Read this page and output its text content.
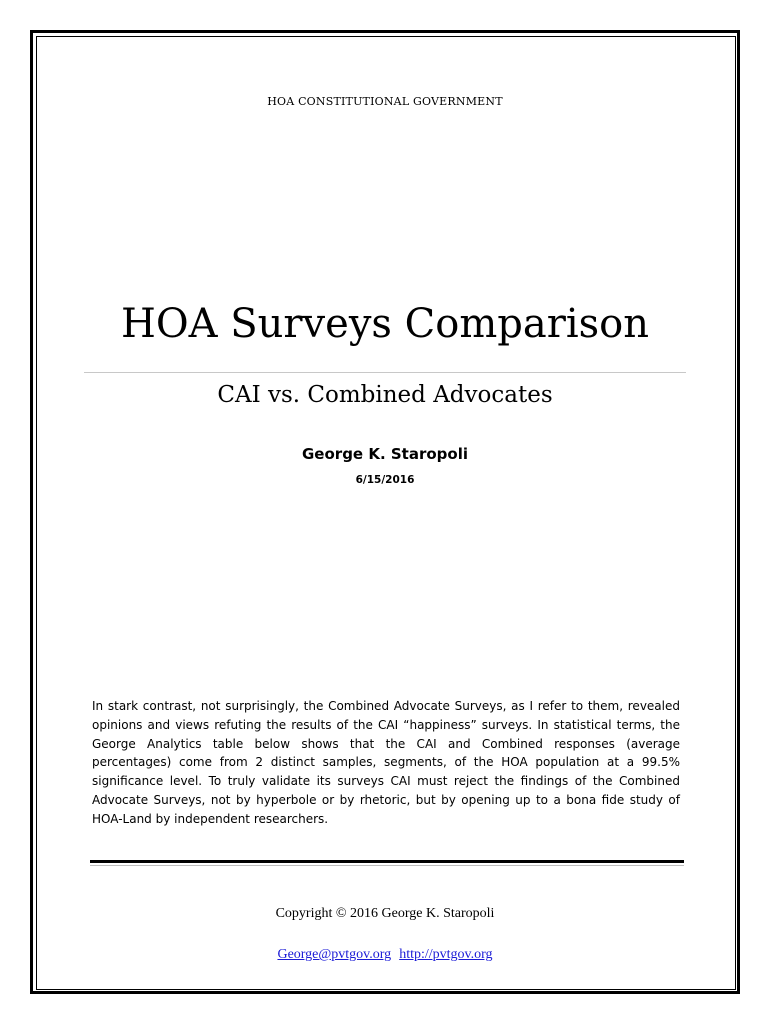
HOA CONSTITUTIONAL GOVERNMENT
HOA Surveys Comparison
CAI vs. Combined Advocates
George K. Staropoli
6/15/2016

In stark contrast, not surprisingly, the Combined Advocate Surveys, as I refer to them, revealed opinions and views refuting the results of the CAI “happiness” surveys. In statistical terms, the George Analytics table below shows that the CAI and Combined responses (average percentages) come from 2 distinct samples, segments, of the HOA population at a 99.5% significance level. To truly validate its surveys CAI must reject the findings of the Combined Advocate Surveys, not by hyperbole or by rhetoric, but by opening up to a bona fide study of HOA-Land by independent researchers.

Copyright © 2016 George K. Staropoli
George@pvtgov.org http://pvtgov.org
